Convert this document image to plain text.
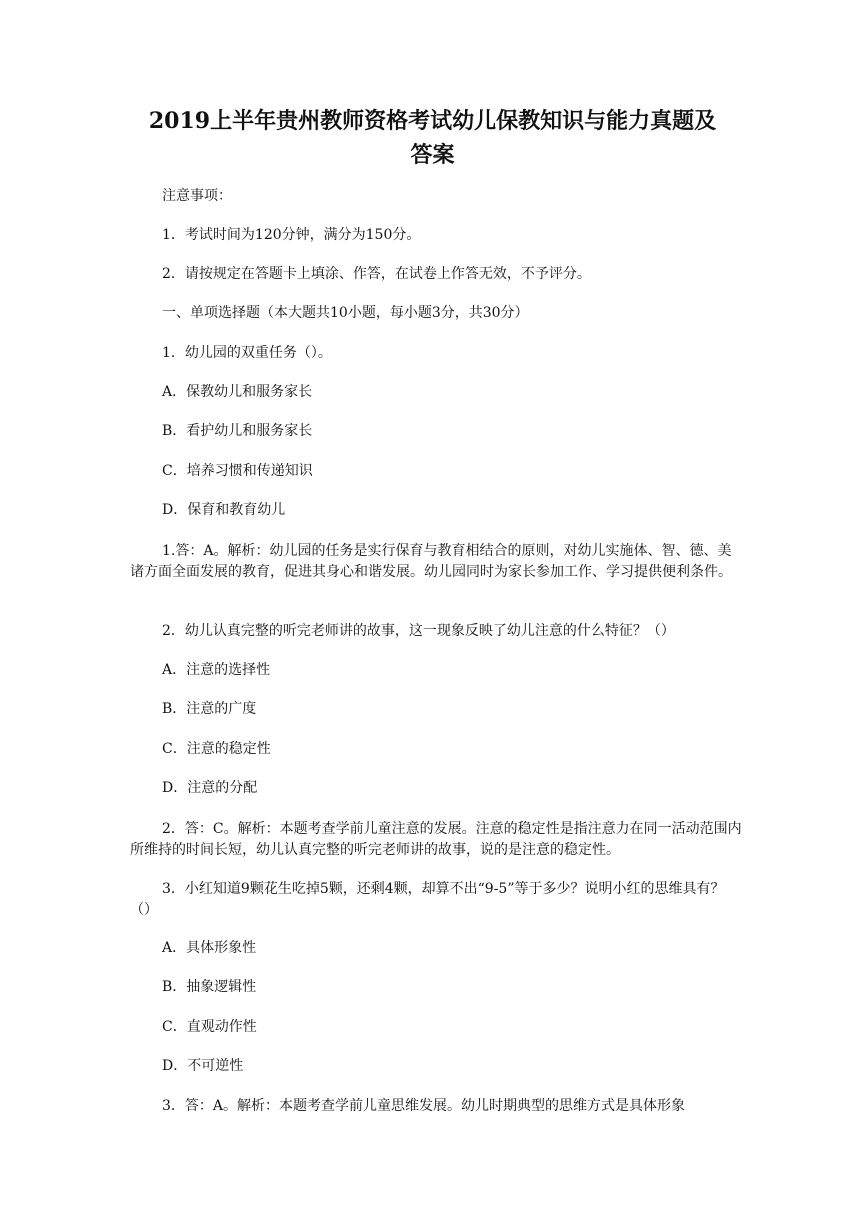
2019上半年贵州教师资格考试幼儿保教知识与能力真题及
答案

注意事项：

1．考试时间为120分钟，满分为150分。

2．请按规定在答题卡上填涂、作答，在试卷上作答无效，不予评分。

一、单项选择题（本大题共10小题，每小题3分，共30分）

1．幼儿园的双重任务（）。

A．保教幼儿和服务家长

B．看护幼儿和服务家长

C．培养习惯和传递知识

D．保育和教育幼儿

1.答：A。解析：幼儿园的任务是实行保育与教育相结合的原则，对幼儿实施体、智、德、美诸方面全面发展的教育，促进其身心和谐发展。幼儿园同时为家长参加工作、学习提供便利条件。

2．幼儿认真完整的听完老师讲的故事，这一现象反映了幼儿注意的什么特征？（）

A．注意的选择性

B．注意的广度

C．注意的稳定性

D．注意的分配

2．答：C。解析：本题考查学前儿童注意的发展。注意的稳定性是指注意力在同一活动范围内所维持的时间长短，幼儿认真完整的听完老师讲的故事，说的是注意的稳定性。

3．小红知道9颗花生吃掉5颗，还剩4颗，却算不出“9-5”等于多少？说明小红的思维具有？（）

A．具体形象性

B．抽象逻辑性

C．直观动作性

D．不可逆性

3．答：A。解析：本题考查学前儿童思维发展。幼儿时期典型的思维方式是具体形象
